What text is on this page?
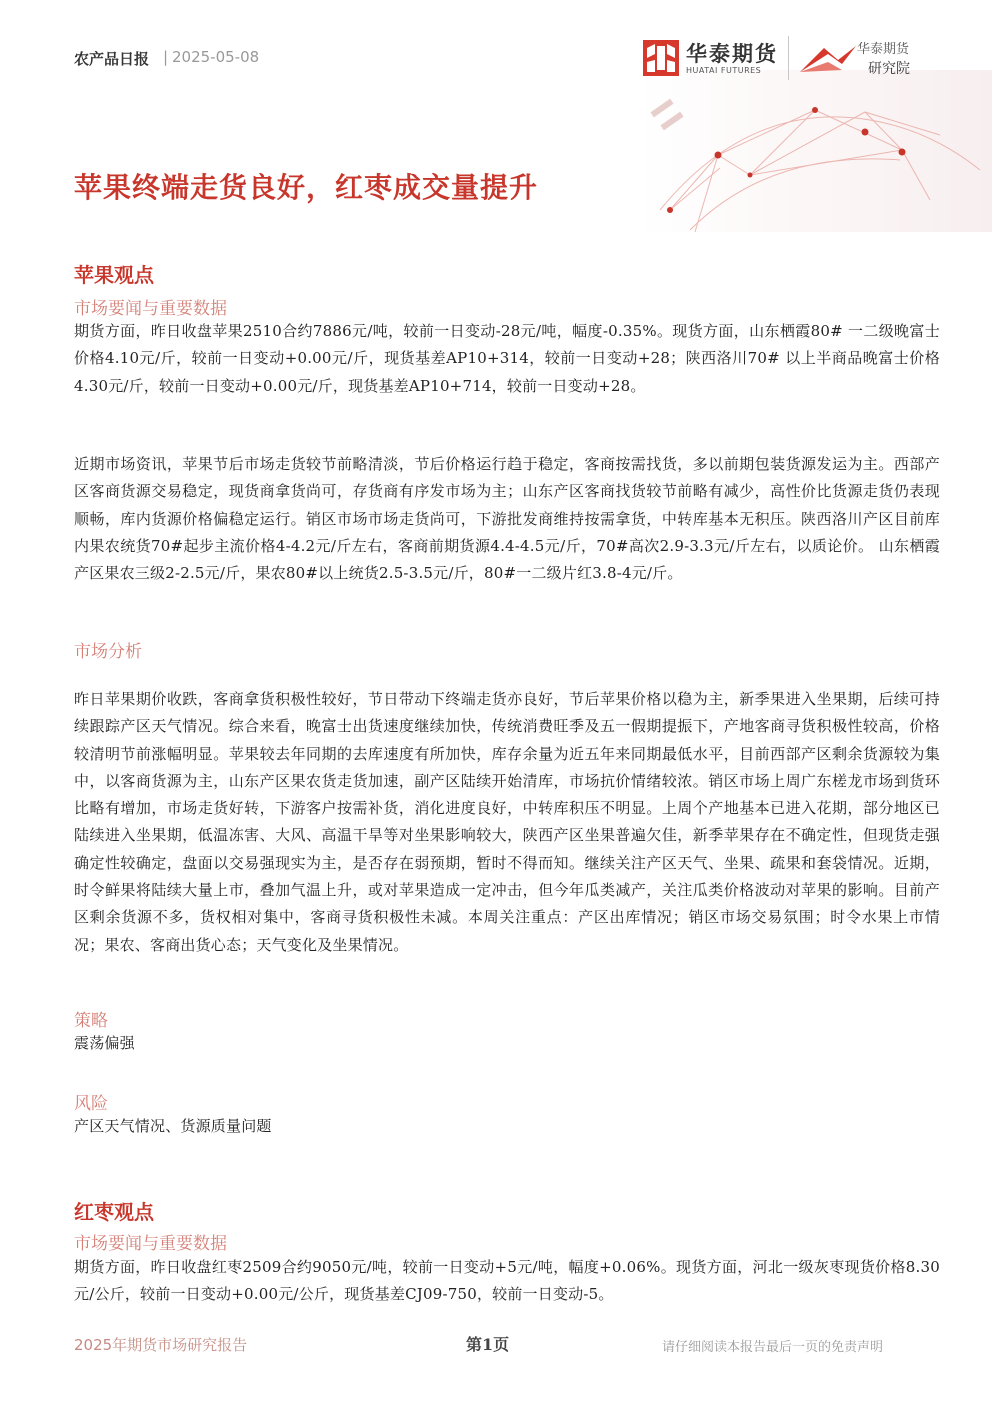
农产品日报 | 2025-05-08	华泰期货
HUATAI FUTURES
华泰期货
研究院
苹果终端走货良好，红枣成交量提升
苹果观点
市场要闻与重要数据

期货方面，昨日收盘苹果2510合约7886元/吨，较前一日变动-28元/吨，幅度-0.35%。现货方面，山东栖霞80# 一二级晚富士价格4.10元/斤，较前一日变动+0.00元/斤，现货基差AP10+314，较前一日变动+28；陕西洛川70# 以上半商品晚富士价格4.30元/斤，较前一日变动+0.00元/斤，现货基差AP10+714，较前一日变动+28。

近期市场资讯，苹果节后市场走货较节前略清淡，节后价格运行趋于稳定，客商按需找货，多以前期包装货源发运为主。西部产区客商货源交易稳定，现货商拿货尚可，存货商有序发市场为主；山东产区客商找货较节前略有减少，高性价比货源走货仍表现顺畅，库内货源价格偏稳定运行。销区市场市场走货尚可，下游批发商维持按需拿货，中转库基本无积压。陕西洛川产区目前库内果农统货70#起步主流价格4-4.2元/斤左右，客商前期货源4.4-4.5元/斤，70#高次2.9-3.3元/斤左右，以质论价。 山东栖霞产区果农三级2-2.5元/斤，果农80#以上统货2.5-3.5元/斤，80#一二级片红3.8-4元/斤。

市场分析

昨日苹果期价收跌，客商拿货积极性较好，节日带动下终端走货亦良好，节后苹果价格以稳为主，新季果进入坐果期，后续可持续跟踪产区天气情况。综合来看，晚富士出货速度继续加快，传统消费旺季及五一假期提振下，产地客商寻货积极性较高，价格较清明节前涨幅明显。苹果较去年同期的去库速度有所加快，库存余量为近五年来同期最低水平，目前西部产区剩余货源较为集中，以客商货源为主，山东产区果农货走货加速，副产区陆续开始清库，市场抗价情绪较浓。销区市场上周广东槎龙市场到货环比略有增加，市场走货好转，下游客户按需补货，消化进度良好，中转库积压不明显。上周个产地基本已进入花期，部分地区已陆续进入坐果期，低温冻害、大风、高温干旱等对坐果影响较大，陕西产区坐果普遍欠佳，新季苹果存在不确定性，但现货走强确定性较确定，盘面以交易强现实为主，是否存在弱预期，暂时不得而知。继续关注产区天气、坐果、疏果和套袋情况。近期，时令鲜果将陆续大量上市，叠加气温上升，或对苹果造成一定冲击，但今年瓜类减产，关注瓜类价格波动对苹果的影响。目前产区剩余货源不多，货权相对集中，客商寻货积极性未减。本周关注重点：产区出库情况；销区市场交易氛围；时令水果上市情况；果农、客商出货心态；天气变化及坐果情况。

策略

震荡偏强

风险

产区天气情况、货源质量问题

红枣观点
市场要闻与重要数据

期货方面，昨日收盘红枣2509合约9050元/吨，较前一日变动+5元/吨，幅度+0.06%。现货方面，河北一级灰枣现货价格8.30元/公斤，较前一日变动+0.00元/公斤，现货基差CJ09-750，较前一日变动-5。

2025年期货市场研究报告	第1页	请仔细阅读本报告最后一页的免责声明
